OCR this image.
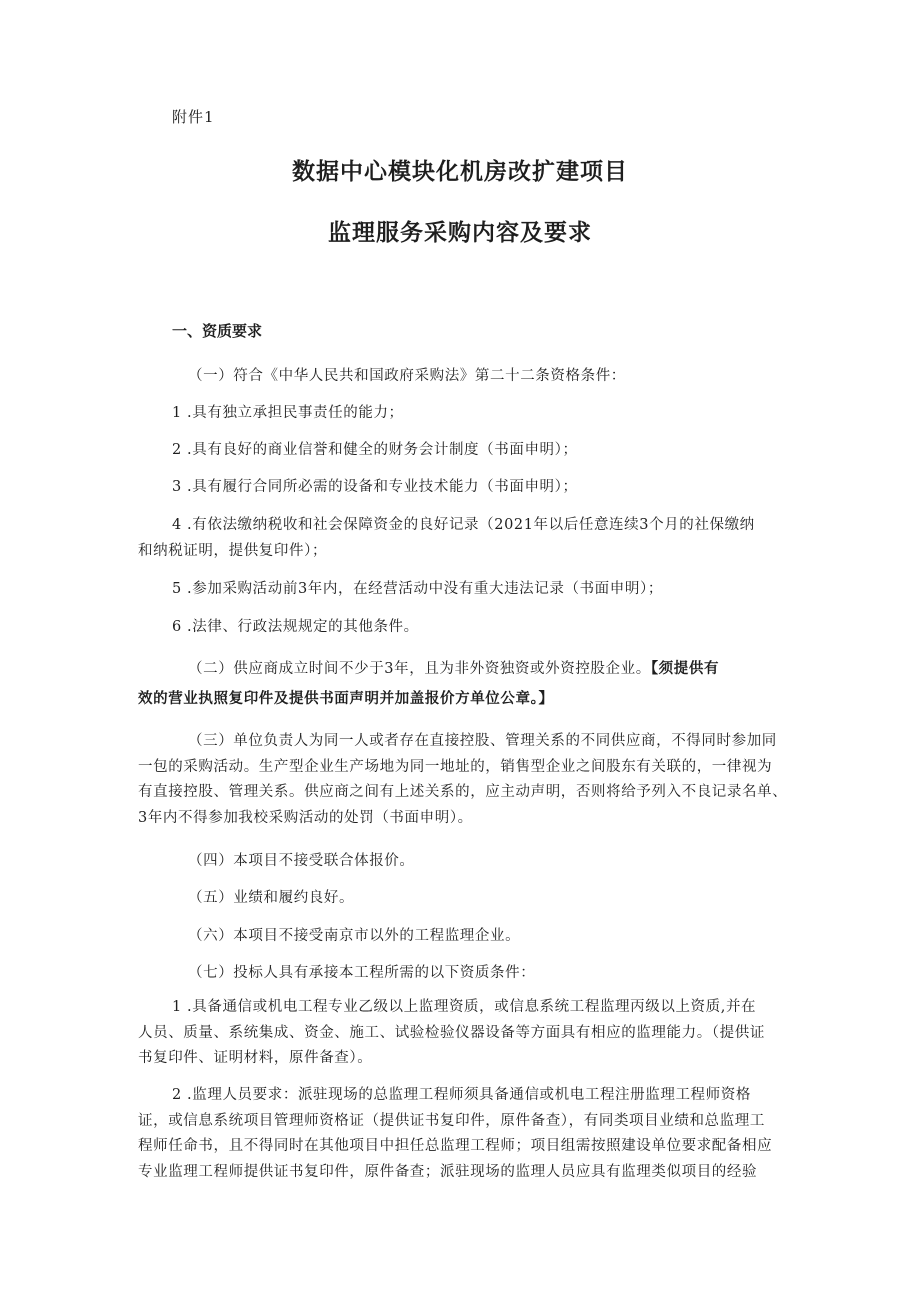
附件1
数据中心模块化机房改扩建项目
监理服务采购内容及要求
一、资质要求
（一）符合《中华人民共和国政府采购法》第二十二条资格条件：
1 .具有独立承担民事责任的能力；
2 .具有良好的商业信誉和健全的财务会计制度（书面申明）；
3 .具有履行合同所必需的设备和专业技术能力（书面申明）；
4 .有依法缴纳税收和社会保障资金的良好记录（2021年以后任意连续3个月的社保缴纳
和纳税证明，提供复印件）；
5 .参加采购活动前3年内，在经营活动中没有重大违法记录（书面申明）；
6 .法律、行政法规规定的其他条件。
（二）供应商成立时间不少于3年，且为非外资独资或外资控股企业。【须提供有
效的营业执照复印件及提供书面声明并加盖报价方单位公章。】
（三）单位负责人为同一人或者存在直接控股、管理关系的不同供应商，不得同时参加同
一包的采购活动。生产型企业生产场地为同一地址的，销售型企业之间股东有关联的，一律视为
有直接控股、管理关系。供应商之间有上述关系的，应主动声明，否则将给予列入不良记录名单、
3年内不得参加我校采购活动的处罚（书面申明）。
（四）本项目不接受联合体报价。
（五）业绩和履约良好。
（六）本项目不接受南京市以外的工程监理企业。
（七）投标人具有承接本工程所需的以下资质条件：
1 .具备通信或机电工程专业乙级以上监理资质，或信息系统工程监理丙级以上资质,并在
人员、质量、系统集成、资金、施工、试验检验仪器设备等方面具有相应的监理能力。（提供证
书复印件、证明材料，原件备查）。
2 .监理人员要求：派驻现场的总监理工程师须具备通信或机电工程注册监理工程师资格
证，或信息系统项目管理师资格证（提供证书复印件，原件备查），有同类项目业绩和总监理工
程师任命书，且不得同时在其他项目中担任总监理工程师；项目组需按照建设单位要求配备相应
专业监理工程师提供证书复印件，原件备查；派驻现场的监理人员应具有监理类似项目的经验
